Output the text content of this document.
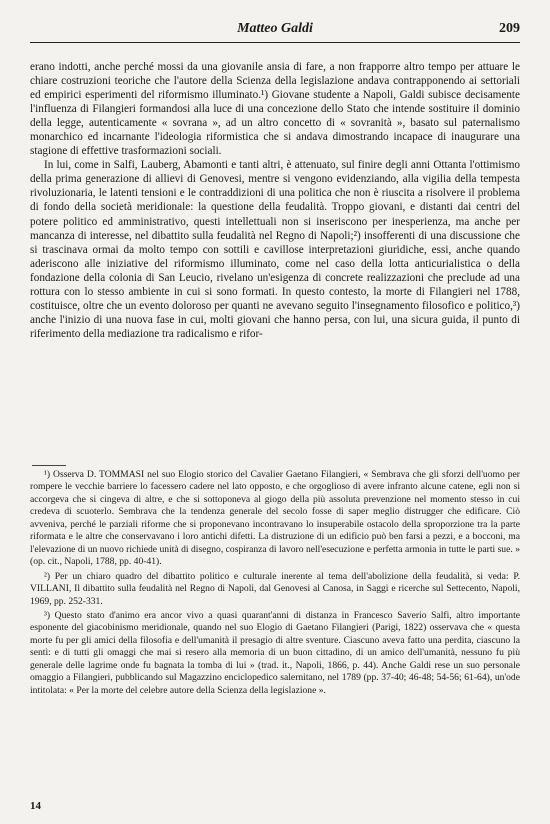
Matteo Galdi	209

erano indotti, anche perché mossi da una giovanile ansia di fare, a non frapporre altro tempo per attuare le chiare costruzioni teoriche che l'autore della Scienza della legislazione andava contrapponendo ai settoriali ed empirici esperimenti del riformismo illuminato.¹) Giovane studente a Napoli, Galdi subisce decisamente l'influenza di Filangieri formandosi alla luce di una concezione dello Stato che intende sostituire il dominio della legge, autenticamente « sovrana », ad un altro concetto di « sovranità », basato sul paternalismo monarchico ed incarnante l'ideologia riformistica che si andava dimostrando incapace di inaugurare una stagione di effettive trasformazioni sociali.

In lui, come in Salfi, Lauberg, Abamonti e tanti altri, è attenuato, sul finire degli anni Ottanta l'ottimismo della prima generazione di allievi di Genovesi, mentre si vengono evidenziando, alla vigilia della tempesta rivoluzionaria, le latenti tensioni e le contraddizioni di una politica che non è riuscita a risolvere il problema di fondo della società meridionale: la questione della feudalità. Troppo giovani, e distanti dai centri del potere politico ed amministrativo, questi intellettuali non si inseriscono per inesperienza, ma anche per mancanza di interesse, nel dibattito sulla feudalità nel Regno di Napoli;²) insofferenti di una discussione che si trascinava ormai da molto tempo con sottili e cavillose interpretazioni giuridiche, essi, anche quando aderiscono alle iniziative del riformismo illuminato, come nel caso della lotta anticurialistica o della fondazione della colonia di San Leucio, rivelano un'esigenza di concrete realizzazioni che preclude ad una rottura con lo stesso ambiente in cui si sono formati. In questo contesto, la morte di Filangieri nel 1788, costituisce, oltre che un evento doloroso per quanti ne avevano seguito l'insegnamento filosofico e politico,³) anche l'inizio di una nuova fase in cui, molti giovani che hanno persa, con lui, una sicura guida, il punto di riferimento della mediazione tra radicalismo e rifor-

¹) Osserva D. TOMMASI nel suo Elogio storico del Cavalier Gaetano Filangieri, « Sembrava che gli sforzi dell'uomo per rompere le vecchie barriere lo facessero cadere nel lato opposto, e che orgoglioso di avere infranto alcune catene, egli non si accorgeva che si cingeva di altre, e che si sottoponeva al giogo della più assoluta prevenzione nel momento stesso in cui credeva di scuoterlo. Sembrava che la tendenza generale del secolo fosse di saper meglio distrugger che edificare. Ciò avveniva, perché le parziali riforme che si proponevano incontravano lo insuperabile ostacolo della sproporzione tra la parte riformata e le altre che conservavano i loro antichi difetti. La distruzione di un edificio può ben farsi a pezzi, e a bocconi, ma l'elevazione di un nuovo richiede unità di disegno, cospiranza di lavoro nell'esecuzione e perfetta armonia in tutte le parti sue. » (op. cit., Napoli, 1788, pp. 40-41).

²) Per un chiaro quadro del dibattito politico e culturale inerente al tema dell'abolizione della feudalità, si veda: P. VILLANI, Il dibattito sulla feudalità nel Regno di Napoli, dal Genovesi al Canosa, in Saggi e ricerche sul Settecento, Napoli, 1969, pp. 252-331.

³) Questo stato d'animo era ancor vivo a quasi quarant'anni di distanza in Francesco Saverio Salfi, altro importante esponente del giacobinismo meridionale, quando nel suo Elogio di Gaetano Filangieri (Parigi, 1822) osservava che « questa morte fu per gli amici della filosofia e dell'umanità il presagio di altre sventure. Ciascuno aveva fatto una perdita, ciascuno la sentì: e di tutti gli omaggi che mai si resero alla memoria di un buon cittadino, di un amico dell'umanità, nessuno fu più generale delle lagrime onde fu bagnata la tomba di lui » (trad. it., Napoli, 1866, p. 44). Anche Galdi rese un suo personale omaggio a Filangieri, pubblicando sul Magazzino enciclopedico salernitano, nel 1789 (pp. 37-40; 46-48; 54-56; 61-64), un'ode intitolata: « Per la morte del celebre autore della Scienza della legislazione ».

14
